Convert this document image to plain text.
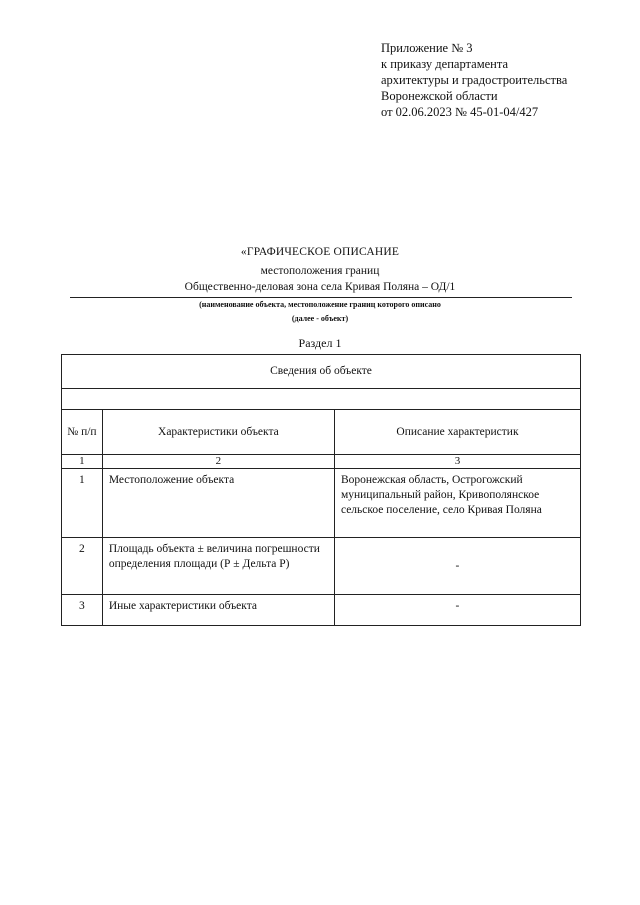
Приложение № 3
к приказу департамента
архитектуры и градостроительства
Воронежской области
от 02.06.2023 № 45-01-04/427
«ГРАФИЧЕСКОЕ ОПИСАНИЕ
местоположения границ
Общественно-деловая зона села Кривая Поляна – ОД/1
(наименование объекта, местоположение границ которого описано
(далее - объект)
Раздел 1
Сведения об объекте		

№ п/п	Характеристики объекта	Описание характеристик
1	2	3
1	Местоположение объекта	Воронежская область, Острогожский муниципальный район, Кривополянское сельское поселение, село Кривая Поляна
2	Площадь объекта ± величина погрешности определения площади (Р ± Дельта Р)	-
3	Иные характеристики объекта	-
